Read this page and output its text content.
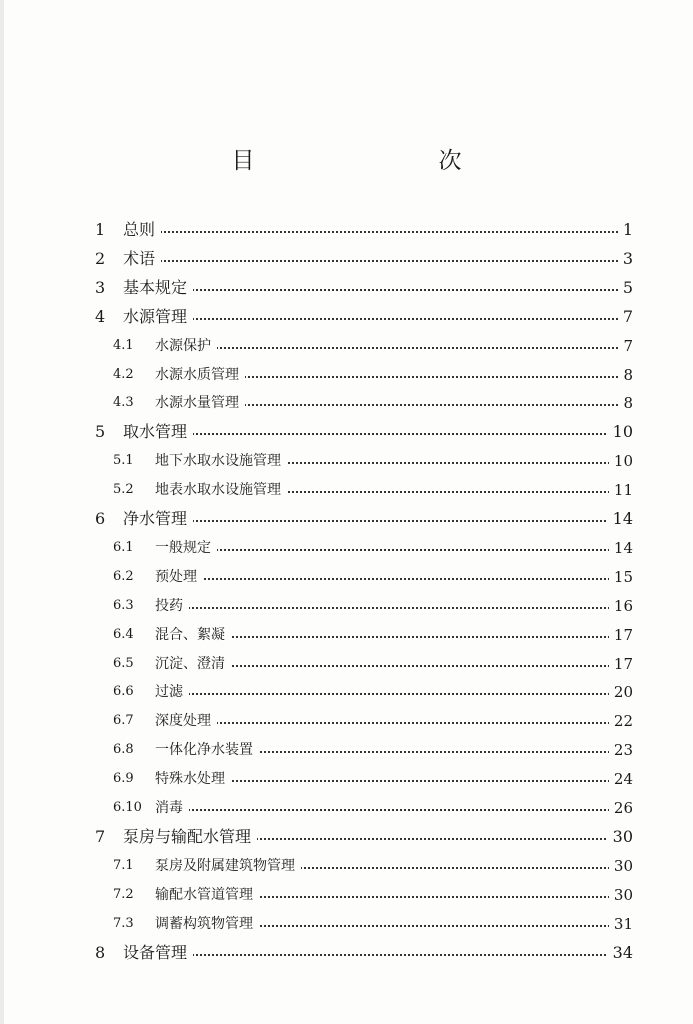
目　　次
1 总则	1
2 术语	3
3 基本规定	5
4 水源管理	7
4.1 水源保护	7
4.2 水源水质管理	8
4.3 水源水量管理	8
5 取水管理	10
5.1 地下水取水设施管理	10
5.2 地表水取水设施管理	11
6 净水管理	14
6.1 一般规定	14
6.2 预处理	15
6.3 投药	16
6.4 混合、絮凝	17
6.5 沉淀、澄清	17
6.6 过滤	20
6.7 深度处理	22
6.8 一体化净水装置	23
6.9 特殊水处理	24
6.10 消毒	26
7 泵房与输配水管理	30
7.1 泵房及附属建筑物管理	30
7.2 输配水管道管理	30
7.3 调蓄构筑物管理	31
8 设备管理	34
